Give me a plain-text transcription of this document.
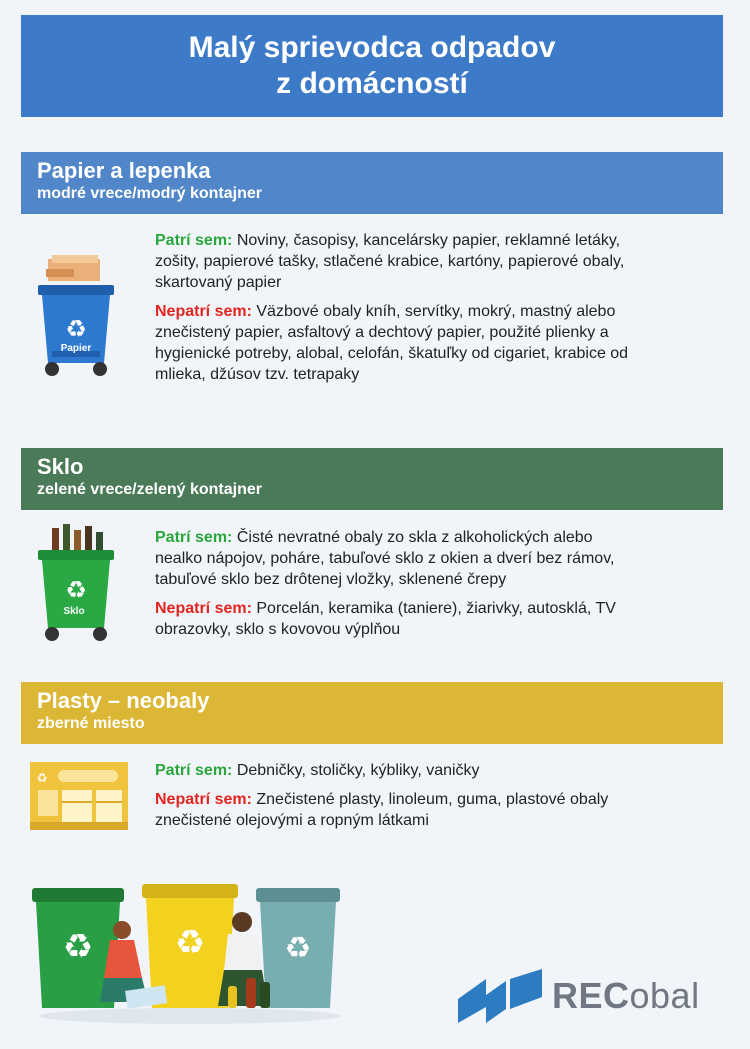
Malý sprievodca odpadov
z domácností
Papier a lepenka
modré vrece/modrý kontajner
♻
Papier

Patrí sem: Noviny, časopisy, kancelársky papier, reklamné letáky, zošity, papierové tašky, stlačené krabice, kartóny, papierové obaly, skartovaný papier

Nepatrí sem: Väzbové obaly kníh, servítky, mokrý, mastný alebo znečistený papier, asfaltový a dechtový papier, použité plienky a hygienické potreby, alobal, celofán, škatuľky od cigariet, krabice od mlieka, džúsov tzv. tetrapaky

Sklo
zelené vrece/zelený kontajner
♻
Sklo

Patrí sem: Čisté nevratné obaly zo skla z alkoholických alebo nealko nápojov, poháre, tabuľové sklo z okien a dverí bez rámov, tabuľové sklo bez drôtenej vložky, sklenené črepy

Nepatrí sem: Porcelán, keramika (taniere), žiarivky, autosklá, TV obrazovky, sklo s kovovou výplňou

Plasty – neobaly
zberné miesto
♻	Patrí sem: Debničky, stoličky, kýbliky, vaničky

Nepatrí sem: Znečistené plasty, linoleum, guma, plastové obaly znečistené olejovými a ropným látkami

♻ ♻	♻
RECobal
